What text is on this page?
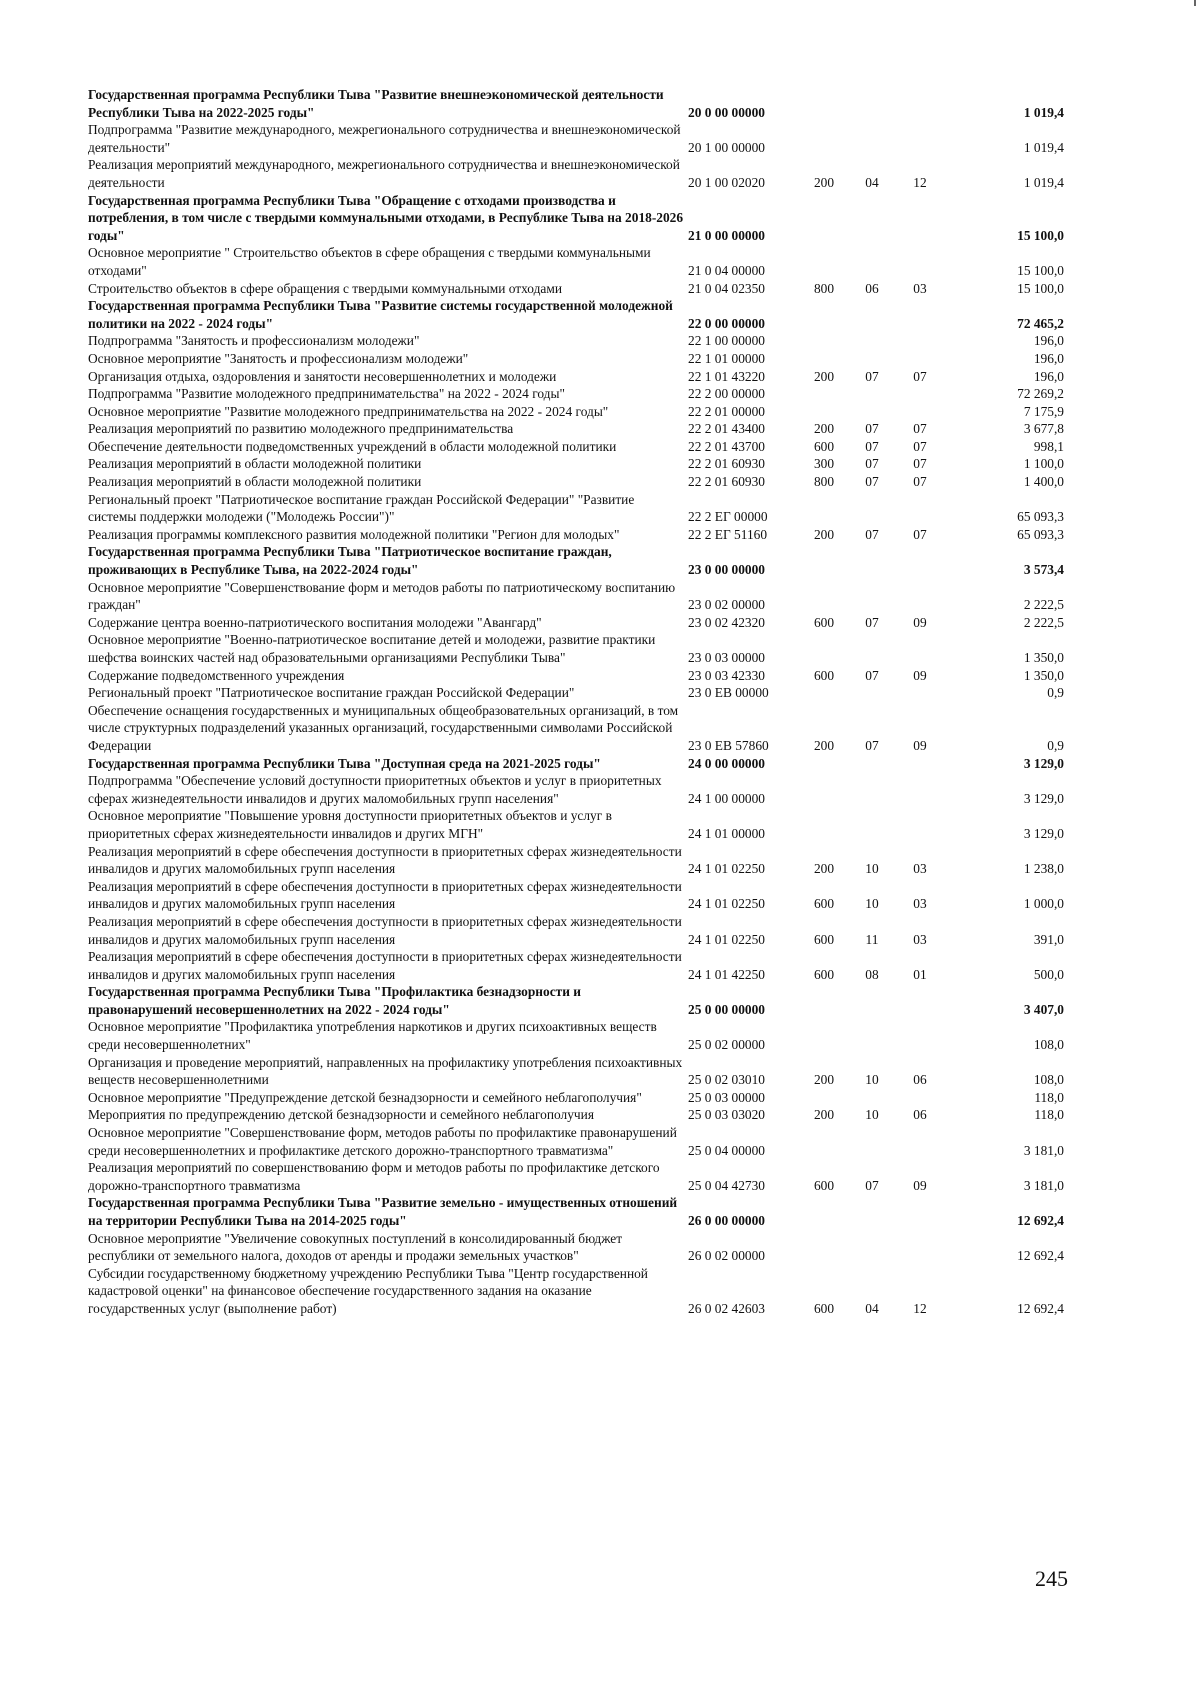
Государственная программа Республики Тыва "Развитие внешнеэкономической деятельности Республики Тыва на 2022-2025 годы"	20 0 00 00000	1 019,4
Подпрограмма "Развитие международного, межрегионального сотрудничества и внешнеэкономической деятельности"	20 1 00 00000	1 019,4
Реализация мероприятий международного, межрегионального сотрудничества и внешнеэкономической деятельности	20 1 00 02020	200	04	12	1 019,4
Государственная программа Республики Тыва "Обращение с отходами производства и потребления, в том числе с твердыми коммунальными отходами, в Республике Тыва на 2018-2026 годы"	21 0 00 00000	15 100,0
Основное мероприятие " Строительство объектов в сфере обращения с твердыми коммунальными отходами"	21 0 04 00000	15 100,0
Строительство объектов в сфере обращения с твердыми коммунальными отходами	21 0 04 02350	800	06	03	15 100,0
Государственная программа Республики Тыва "Развитие системы государственной молодежной политики на 2022 - 2024 годы"	22 0 00 00000	72 465,2
Подпрограмма "Занятость и профессионализм молодежи"	22 1 00 00000	196,0
Основное мероприятие "Занятость и профессионализм молодежи"	22 1 01 00000	196,0
Организация отдыха, оздоровления и занятости несовершеннолетних и молодежи	22 1 01 43220	200	07	07	196,0
Подпрограмма "Развитие молодежного предпринимательства" на 2022 - 2024 годы"	22 2 00 00000	72 269,2
Основное мероприятие "Развитие молодежного предпринимательства на 2022 - 2024 годы"	22 2 01 00000	7 175,9
Реализация мероприятий по развитию молодежного предпринимательства	22 2 01 43400	200	07	07	3 677,8
Обеспечение деятельности подведомственных учреждений в области молодежной политики	22 2 01 43700	600	07	07	998,1
Реализация мероприятий в области молодежной политики	22 2 01 60930	300	07	07	1 100,0
Реализация мероприятий в области молодежной политики	22 2 01 60930	800	07	07	1 400,0
Региональный проект "Патриотическое воспитание граждан Российской Федерации" "Развитие системы поддержки молодежи ("Молодежь России")"	22 2 ЕГ 00000	65 093,3
Реализация программы комплексного развития молодежной политики "Регион для молодых"	22 2 ЕГ 51160	200	07	07	65 093,3
Государственная программа Республики Тыва "Патриотическое воспитание граждан, проживающих в Республике Тыва, на 2022-2024 годы"	23 0 00 00000	3 573,4
Основное мероприятие "Совершенствование форм и методов работы по патриотическому воспитанию граждан"	23 0 02 00000	2 222,5
Содержание центра военно-патриотического воспитания молодежи "Авангард"	23 0 02 42320	600	07	09	2 222,5
Основное мероприятие "Военно-патриотическое воспитание детей и молодежи, развитие практики шефства воинских частей над образовательными организациями Республики Тыва"	23 0 03 00000	1 350,0
Содержание подведомственного учреждения	23 0 03 42330	600	07	09	1 350,0
Региональный проект "Патриотическое воспитание граждан Российской Федерации"	23 0 ЕВ 00000	0,9
Обеспечение оснащения государственных и муниципальных общеобразовательных организаций, в том числе структурных подразделений указанных организаций, государственными символами Российской Федерации	23 0 ЕВ 57860	200	07	09	0,9
Государственная программа Республики Тыва "Доступная среда на 2021-2025 годы"	24 0 00 00000	3 129,0
Подпрограмма "Обеспечение условий доступности приоритетных объектов и услуг в приоритетных сферах жизнедеятельности инвалидов и других маломобильных групп населения"	24 1 00 00000	3 129,0
Основное мероприятие "Повышение уровня доступности приоритетных объектов и услуг в приоритетных сферах жизнедеятельности инвалидов и других МГН"	24 1 01 00000	3 129,0
Реализация мероприятий в сфере обеспечения доступности в приоритетных сферах жизнедеятельности инвалидов и других маломобильных групп населения	24 1 01 02250	200	10	03	1 238,0
Реализация мероприятий в сфере обеспечения доступности в приоритетных сферах жизнедеятельности инвалидов и других маломобильных групп населения	24 1 01 02250	600	10	03	1 000,0
Реализация мероприятий в сфере обеспечения доступности в приоритетных сферах жизнедеятельности инвалидов и других маломобильных групп населения	24 1 01 02250	600	11	03	391,0
Реализация мероприятий в сфере обеспечения доступности в приоритетных сферах жизнедеятельности инвалидов и других маломобильных групп населения	24 1 01 42250	600	08	01	500,0
Государственная программа Республики Тыва "Профилактика безнадзорности и правонарушений несовершеннолетних на 2022 - 2024 годы"	25 0 00 00000	3 407,0
Основное мероприятие "Профилактика употребления наркотиков и других психоактивных веществ среди несовершеннолетних"	25 0 02 00000	108,0
Организация и проведение мероприятий, направленных на профилактику употребления психоактивных веществ несовершеннолетними	25 0 02 03010	200	10	06	108,0
Основное мероприятие "Предупреждение детской безнадзорности и семейного неблагополучия"	25 0 03 00000	118,0
Мероприятия по предупреждению детской безнадзорности и семейного неблагополучия	25 0 03 03020	200	10	06	118,0
Основное мероприятие "Совершенствование форм, методов работы по профилактике правонарушений среди несовершеннолетних и профилактике детского дорожно-транспортного травматизма"	25 0 04 00000	3 181,0
Реализация мероприятий по совершенствованию форм и методов работы по профилактике детского дорожно-транспортного травматизма	25 0 04 42730	600	07	09	3 181,0
Государственная программа Республики Тыва "Развитие земельно - имущественных отношений на территории Республики Тыва на 2014-2025 годы"	26 0 00 00000	12 692,4
Основное мероприятие "Увеличение совокупных поступлений в консолидированный бюджет республики от земельного налога, доходов от аренды и продажи земельных участков"	26 0 02 00000	12 692,4
Субсидии государственному бюджетному учреждению Республики Тыва "Центр государственной кадастровой оценки" на финансовое обеспечение государственного задания на оказание государственных услуг (выполнение работ)	26 0 02 42603	600	04	12	12 692,4
245
